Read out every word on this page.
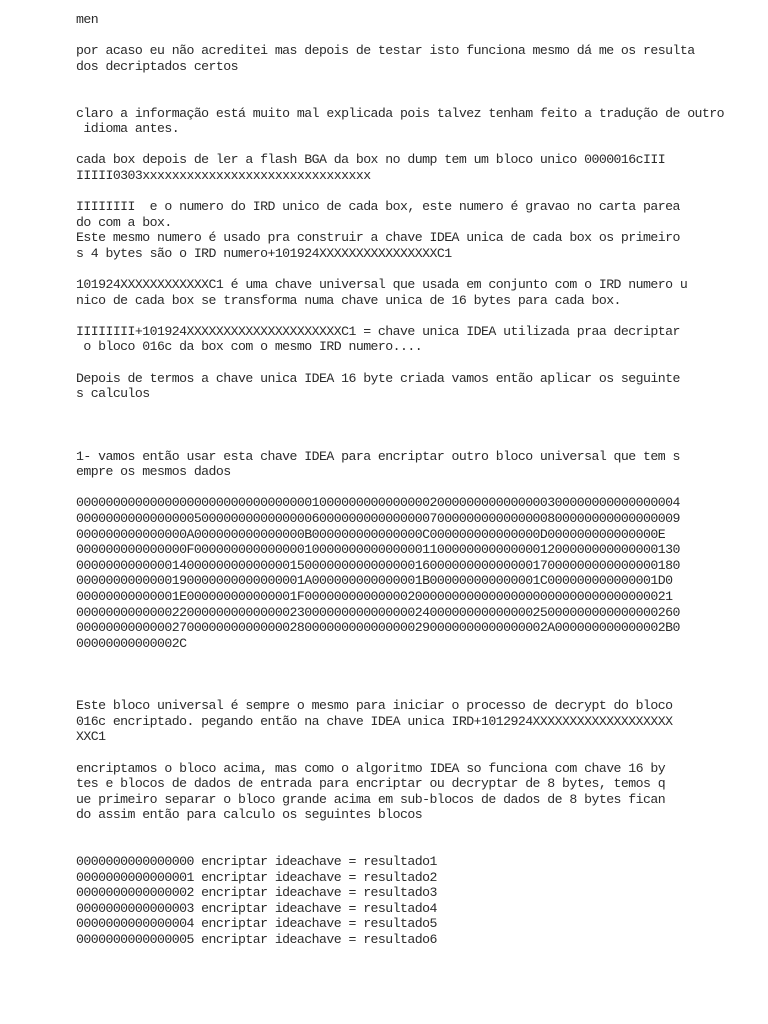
men
por acaso eu não acreditei mas depois de testar isto funciona mesmo dá me os resulta
dos decriptados certos
claro a informação está muito mal explicada pois talvez tenham feito a tradução de outro
idioma antes.
cada box depois de ler a flash BGA da box no dump tem um bloco unico 0000016cIII
IIIII0303xxxxxxxxxxxxxxxxxxxxxxxxxxxxxxx
IIIIIIII  e o numero do IRD unico de cada box, este numero é gravao no carta parea
do com a box.
Este mesmo numero é usado pra construir a chave IDEA unica de cada box os primeiro
s 4 bytes são o IRD numero+101924XXXXXXXXXXXXXXXXC1
101924XXXXXXXXXXXXC1 é uma chave universal que usada em conjunto com o IRD numero u
nico de cada box se transforma numa chave unica de 16 bytes para cada box.
IIIIIIII+101924XXXXXXXXXXXXXXXXXXXXXC1 = chave unica IDEA utilizada praa decriptar
o bloco 016c da box com o mesmo IRD numero....
Depois de termos a chave unica IDEA 16 byte criada vamos então aplicar os seguinte
s calculos
1- vamos então usar esta chave IDEA para encriptar outro bloco universal que tem s
empre os mesmos dados
0000000000000000000000000000000010000000000000002000000000000000300000000000000004
0000000000000000500000000000000060000000000000007000000000000000800000000000000009
000000000000000A000000000000000B000000000000000C000000000000000D000000000000000E
000000000000000F000000000000000100000000000000011000000000000001200000000000000130
0000000000000140000000000000015000000000000000160000000000000017000000000000000180
0000000000000190000000000000001A000000000000001B000000000000001C000000000000001D0
00000000000001E000000000000001F00000000000000200000000000000000000000000000000021
0000000000000220000000000000023000000000000000240000000000000025000000000000000260
0000000000000270000000000000028000000000000000290000000000000002A000000000000002B0
00000000000002C
Este bloco universal é sempre o mesmo para iniciar o processo de decrypt do bloco
016c encriptado. pegando então na chave IDEA unica IRD+1012924XXXXXXXXXXXXXXXXXXX
XXC1
encriptamos o bloco acima, mas como o algoritmo IDEA so funciona com chave 16 by
tes e blocos de dados de entrada para encriptar ou decryptar de 8 bytes, temos q
ue primeiro separar o bloco grande acima em sub-blocos de dados de 8 bytes fican
do assim então para calculo os seguintes blocos
0000000000000000 encriptar ideachave = resultado1
0000000000000001 encriptar ideachave = resultado2
0000000000000002 encriptar ideachave = resultado3
0000000000000003 encriptar ideachave = resultado4
0000000000000004 encriptar ideachave = resultado5
0000000000000005 encriptar ideachave = resultado6
